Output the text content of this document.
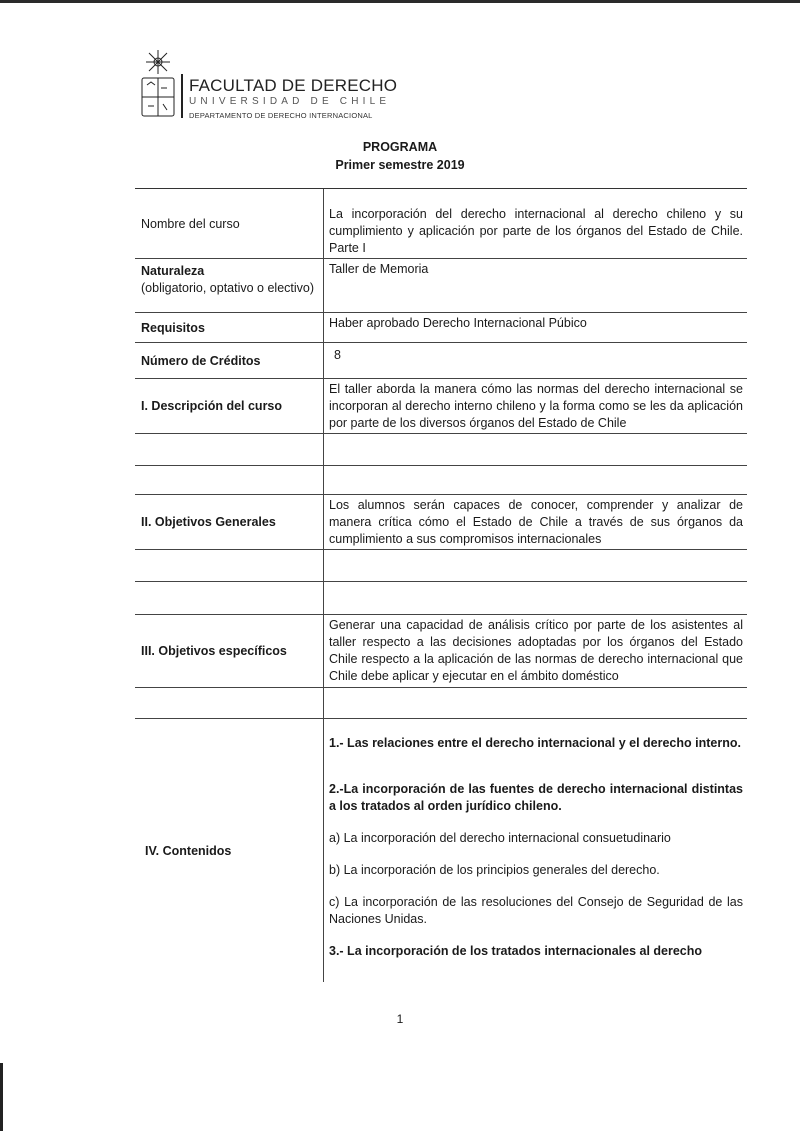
FACULTAD DE DERECHO
UNIVERSIDAD DE CHILE
DEPARTAMENTO DE DERECHO INTERNACIONAL
PROGRAMA
Primer semestre 2019
Nombre del curso
La incorporación del derecho internacional al derecho chileno y su cumplimiento y aplicación por parte de los órganos del Estado de Chile. Parte I
Naturaleza
(obligatorio, optativo o electivo)
Taller de Memoria
Requisitos	Haber aprobado Derecho Internacional Púbico
Número de Créditos	8
I. Descripción del curso
El taller aborda la manera cómo las normas del derecho internacional se incorporan al derecho interno chileno y la forma como se les da aplicación por parte de los diversos órganos del Estado de Chile
II. Objetivos Generales
Los alumnos serán capaces de conocer, comprender y analizar de manera crítica cómo el Estado de Chile a través de sus órganos da cumplimiento a sus compromisos internacionales
III. Objetivos específicos
Generar una capacidad de análisis crítico por parte de los asistentes al taller respecto a las decisiones adoptadas por los órganos del Estado Chile respecto a la aplicación de las normas de derecho internacional que Chile debe aplicar y ejecutar en el ámbito doméstico
IV. Contenidos

1.- Las relaciones entre el derecho internacional y el derecho interno.

2.-La incorporación de las fuentes de derecho internacional distintas a los tratados al orden jurídico chileno.

a) La incorporación del derecho internacional consuetudinario

b) La incorporación de los principios generales del derecho.

c) La incorporación de las resoluciones del Consejo de Seguridad de las Naciones Unidas.

3.- La incorporación de los tratados internacionales al derecho

1
